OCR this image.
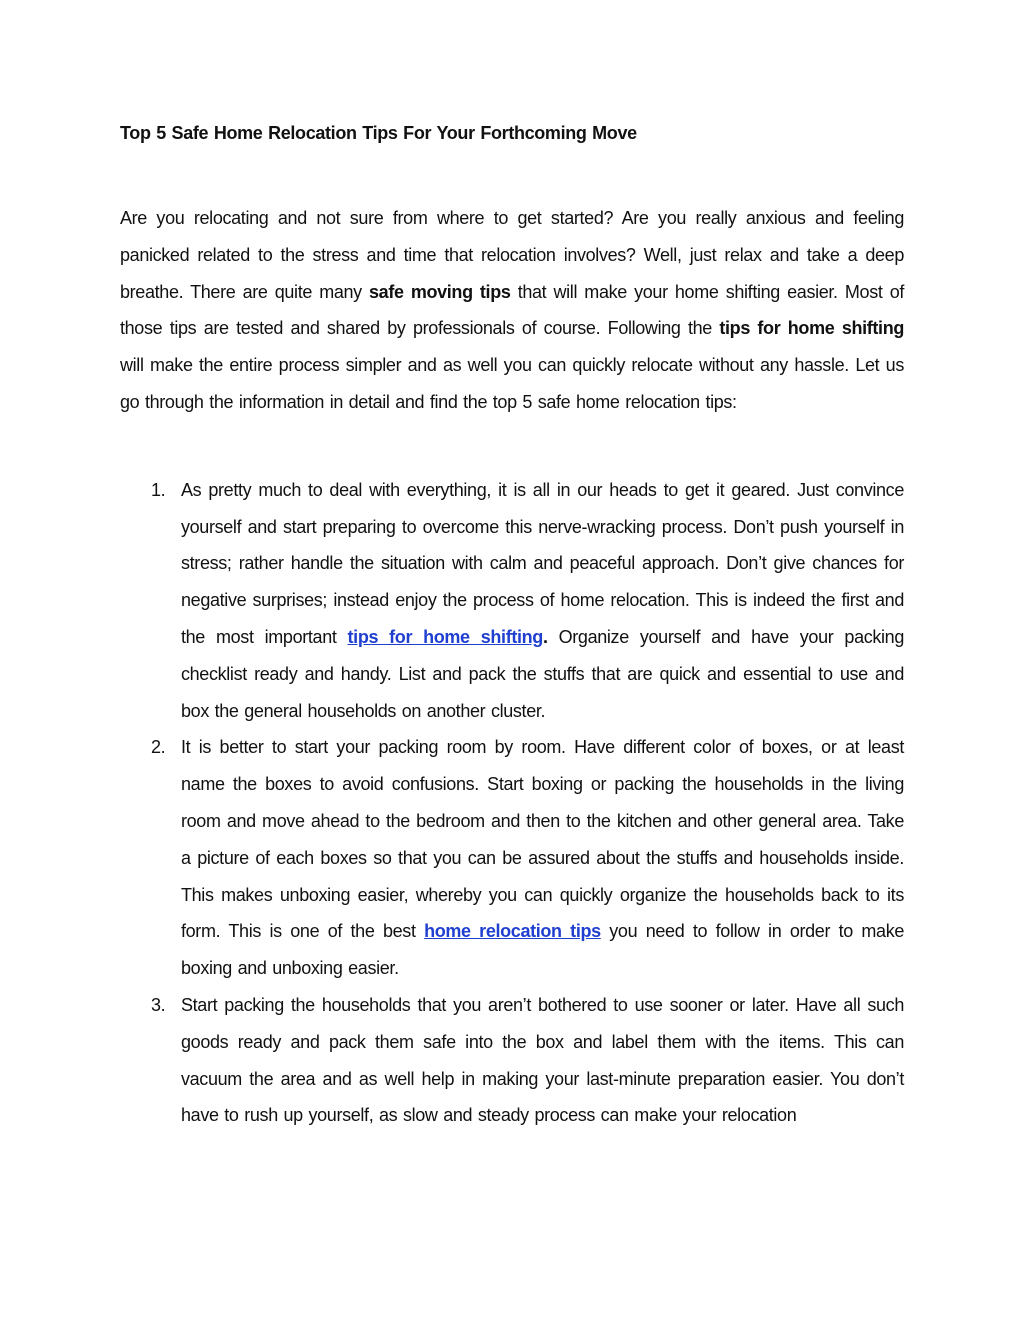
Top 5 Safe Home Relocation Tips For Your Forthcoming Move

Are you relocating and not sure from where to get started? Are you really anxious and feeling panicked related to the stress and time that relocation involves? Well, just relax and take a deep breathe. There are quite many safe moving tips that will make your home shifting easier. Most of those tips are tested and shared by professionals of course. Following the tips for home shifting will make the entire process simpler and as well you can quickly relocate without any hassle. Let us go through the information in detail and find the top 5 safe home relocation tips:

1. As pretty much to deal with everything, it is all in our heads to get it geared. Just convince yourself and start preparing to overcome this nerve-wracking process. Don’t push yourself in stress; rather handle the situation with calm and peaceful approach. Don’t give chances for negative surprises; instead enjoy the process of home relocation. This is indeed the first and the most important tips for home shifting. Organize yourself and have your packing checklist ready and handy. List and pack the stuffs that are quick and essential to use and box the general households on another cluster.
2. It is better to start your packing room by room. Have different color of boxes, or at least name the boxes to avoid confusions. Start boxing or packing the households in the living room and move ahead to the bedroom and then to the kitchen and other general area. Take a picture of each boxes so that you can be assured about the stuffs and households inside. This makes unboxing easier, whereby you can quickly organize the households back to its form. This is one of the best home relocation tips you need to follow in order to make boxing and unboxing easier.
3. Start packing the households that you aren’t bothered to use sooner or later. Have all such goods ready and pack them safe into the box and label them with the items. This can vacuum the area and as well help in making your last-minute preparation easier. You don’t have to rush up yourself, as slow and steady process can make your relocation
